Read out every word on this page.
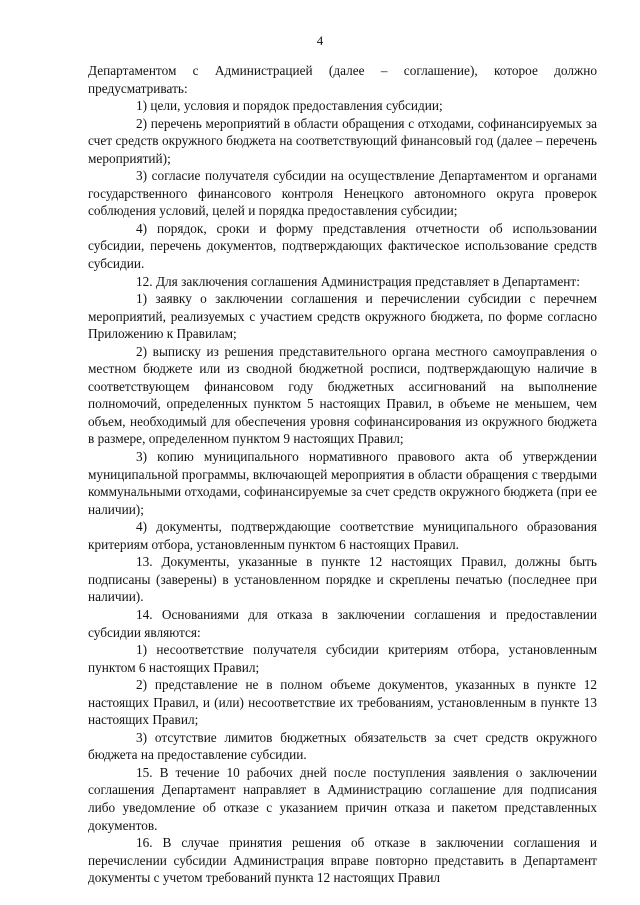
4

Департаментом с Администрацией (далее – соглашение), которое должно предусматривать:

1) цели, условия и порядок предоставления субсидии;

2) перечень мероприятий в области обращения с отходами, софинансируемых за счет средств окружного бюджета на соответствующий финансовый год (далее – перечень мероприятий);

3) согласие получателя субсидии на осуществление Департаментом и органами государственного финансового контроля Ненецкого автономного округа проверок соблюдения условий, целей и порядка предоставления субсидии;

4) порядок, сроки и форму представления отчетности об использовании субсидии, перечень документов, подтверждающих фактическое использование средств субсидии.

12. Для заключения соглашения Администрация представляет в Департамент:

1) заявку о заключении соглашения и перечислении субсидии с перечнем мероприятий, реализуемых с участием средств окружного бюджета, по форме согласно Приложению к Правилам;

2) выписку из решения представительного органа местного самоуправления о местном бюджете или из сводной бюджетной росписи, подтверждающую наличие в соответствующем финансовом году бюджетных ассигнований на выполнение полномочий, определенных пунктом 5 настоящих Правил, в объеме не меньшем, чем объем, необходимый для обеспечения уровня софинансирования из окружного бюджета в размере, определенном пунктом 9 настоящих Правил;

3) копию муниципального нормативного правового акта об утверждении муниципальной программы, включающей мероприятия в области обращения с твердыми коммунальными отходами, софинансируемые за счет средств окружного бюджета (при ее наличии);

4) документы, подтверждающие соответствие муниципального образования критериям отбора, установленным пунктом 6 настоящих Правил.

13. Документы, указанные в пункте 12 настоящих Правил, должны быть подписаны (заверены) в установленном порядке и скреплены печатью (последнее при наличии).

14. Основаниями для отказа в заключении соглашения и предоставлении субсидии являются:

1) несоответствие получателя субсидии критериям отбора, установленным пунктом 6 настоящих Правил;

2) представление не в полном объеме документов, указанных в пункте 12 настоящих Правил, и (или) несоответствие их требованиям, установленным в пункте 13 настоящих Правил;

3) отсутствие лимитов бюджетных обязательств за счет средств окружного бюджета на предоставление субсидии.

15. В течение 10 рабочих дней после поступления заявления о заключении соглашения Департамент направляет в Администрацию соглашение для подписания либо уведомление об отказе с указанием причин отказа и пакетом представленных документов.

16. В случае принятия решения об отказе в заключении соглашения и перечислении субсидии Администрация вправе повторно представить в Департамент документы с учетом требований пункта 12 настоящих Правил
